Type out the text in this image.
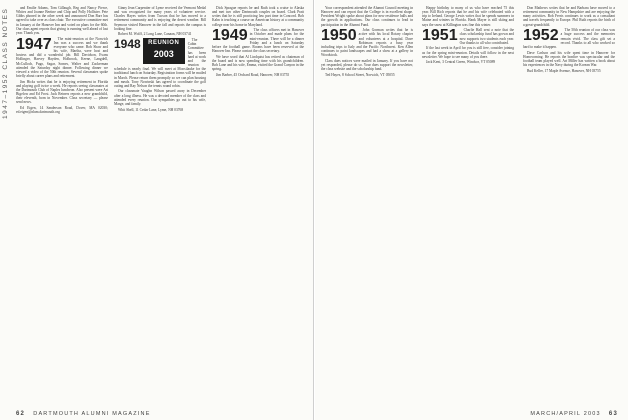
1947–1952 CLASS NOTES	and Emilie Adams, Tom Gillaugh, Reg and Nancy Pierce, Whites and Joanne Bertine and Chip and Polly Hollister. Pete Gibbs phoned in the other week and announced Don Barr has agreed to take over as class chair. The executive committee met in January at the Hanover Inn and voted on plans for the 60th. Our class agent reports that giving is running well ahead of last year. Thank you.

1947	The mini-reunion at the Norwich Inn was a success and we thank everyone who came. Bob Shaw and his wife, Martha, were host and hostess and did a wonderful job. Bill Davidson, Evans Hollinger, Harvey Hayden, Holbrook, Keene, Langdell, McCulloch, Pugo, Sagar, Somes, Walter and Zuckerman attended the Saturday night dinner. Following dinner we viewed a video of the 50th reunion. Several classmates spoke briefly about career plans and retirement.

Jim Hicks writes that he is enjoying retirement in Florida and playing golf twice a week. He reports seeing classmates at the Dartmouth Club of Naples luncheon. Also present were Art Bigelow and Ed Frost. Jack Reiners reports a new grandchild, their eleventh, born in November. Class secretary — please send news.

Ed Eigen, 14 Sanderson Road, Dover, MA 02030; ed.eigen@alum.dartmouth.org

Ginny Jean Carpentier of Lyme received the Vermont Medal and was recognized for many years of volunteer service. Charles Hayes writes from Tucson that he has moved to a retirement community and is enjoying the desert weather. Bill Seymour visited Hanover in the fall and reports the campus is looking fine.

Robert M. Wolff, 2 Long Lane, Canaan, NH 03741

1948	REUNION
2003

The Cabin Committee has been hard at work and the reunion schedule is nearly final. We will meet at Moosilauke for the traditional lunch on Saturday. Registration forms will be mailed in March. Please return them promptly so we can plan housing and meals. Tony Nowinski has agreed to coordinate the golf outing and Ray Nelson the tennis round robin.

Our classmate Vaughn Wilson passed away in December after a long illness. He was a devoted member of the class and attended every reunion. Our sympathies go out to his wife, Marge, and family.

Whit Shell, 11 Cedar Lane, Lyme, NH 03768

Dick Sprague reports he and Ruth took a cruise to Alaska and met two other Dartmouth couples on board. Clark Pratt writes that he is still practicing law part time in Concord. Bob Kahn is teaching a course on American history at a community college near his home in Maryland.

1949	The class officers met in Hanover in October and made plans for the mini-reunion. There will be a dinner Friday and a lunch on Saturday before the football game. Rooms have been reserved at the Hanover Inn. Please contact the class secretary.

We have word that Al Lindquist has retired as chairman of the board and is now spending time with his grandchildren. Bob Lane and his wife, Emma, visited the Grand Canyon in the spring.

Jim Barber, 45 Orchard Road, Hanover, NH 03755

62 DARTMOUTH ALUMNI MAGAZINE

Your correspondent attended the Alumni Council meeting in Hanover and can report that the College is in excellent shape. President Wright spoke about plans for new residence halls and the growth in applications. Our class continues to lead in participation in the Alumni Fund.

1950	John Gorman writes that he is active with his local Rotary chapter and volunteers at a hospital. Dave Robinson reports a busy year including trips to Italy and the Pacific Northwest. Ken Allen continues to paint landscapes and had a show at a gallery in Woodstock.

Class dues notices were mailed in January. If you have not yet responded, please do so. Your dues support the newsletter, the class website and the scholarship fund.

Ted Hayes, 8 School Street, Norwich, VT 05055

Happy birthday to many of us who have reached 75 this year. Bill Rich reports that he and his wife celebrated with a trip to Ireland. George Lewis writes that he spends summers in Maine and winters in Florida. Hank Mayer is still skiing and says the snow at Killington was fine this winter.

1951	Charlie Hall sent a note that the class scholarship fund has grown and now supports two students each year. Our thanks to all who contributed.

If the last week in April for you is still free, consider joining us for the spring mini-reunion. Details will follow in the next newsletter. We hope to see many of you there.

Jack Kent, 3 Central Green, Windsor, VT 05089

Don Mathews writes that he and Barbara have moved to a retirement community in New Hampshire and are enjoying the many activities. Bob Ferris continues to work as a consultant and travels frequently to Europe. Phil Ruth reports the birth of a great-grandchild.

1952	The 50th reunion of our class was a huge success and the memories remain vivid. The class gift set a record. Thanks to all who worked so hard to make it happen.

Dave Carlson and his wife spent time in Hanover for Homecoming. He reports the bonfire was spectacular and the football team played well. Art Miller has written a book about his experiences in the Navy during the Korean War.

Bud Keller, 17 Maple Avenue, Hanover, NH 03755

MARCH/APRIL 2003 63
